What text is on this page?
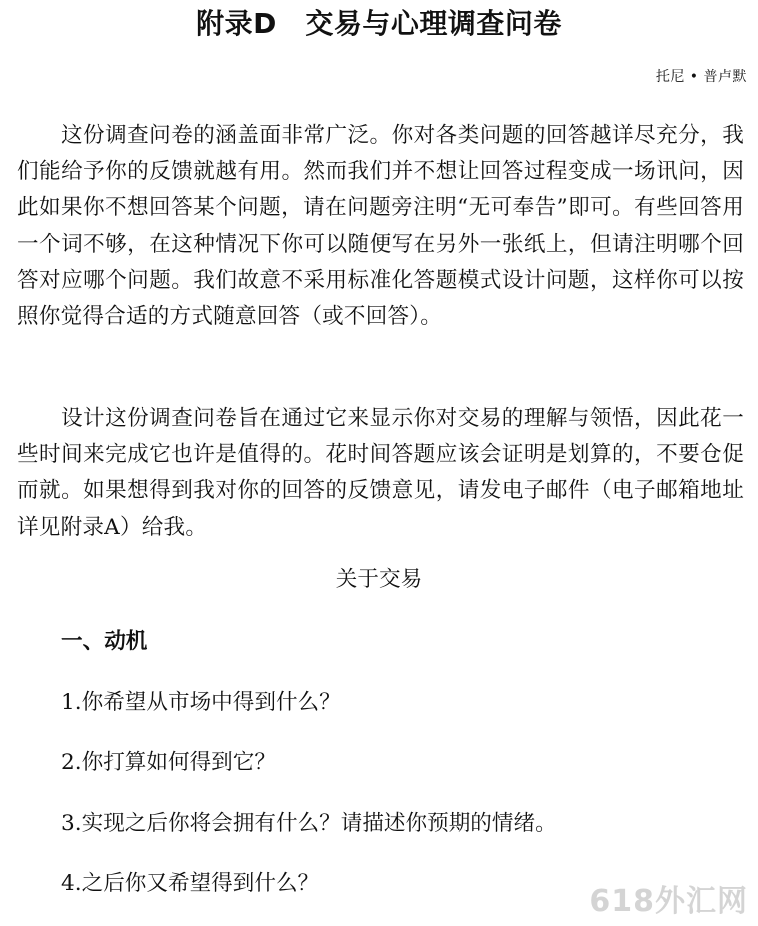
附录D　交易与心理调查问卷
托尼 • 普卢默

这份调查问卷的涵盖面非常广泛。你对各类问题的回答越详尽充分，我们能给予你的反馈就越有用。然而我们并不想让回答过程变成一场讯问，因此如果你不想回答某个问题，请在问题旁注明“无可奉告”即可。有些回答用一个词不够，在这种情况下你可以随便写在另外一张纸上，但请注明哪个回答对应哪个问题。我们故意不采用标准化答题模式设计问题，这样你可以按照你觉得合适的方式随意回答（或不回答）。

设计这份调查问卷旨在通过它来显示你对交易的理解与领悟，因此花一些时间来完成它也许是值得的。花时间答题应该会证明是划算的，不要仓促而就。如果想得到我对你的回答的反馈意见，请发电子邮件（电子邮箱地址详见附录A）给我。

关于交易
一、动机
1.你希望从市场中得到什么？
2.你打算如何得到它？
3.实现之后你将会拥有什么？请描述你预期的情绪。
4.之后你又希望得到什么？
618外汇网
